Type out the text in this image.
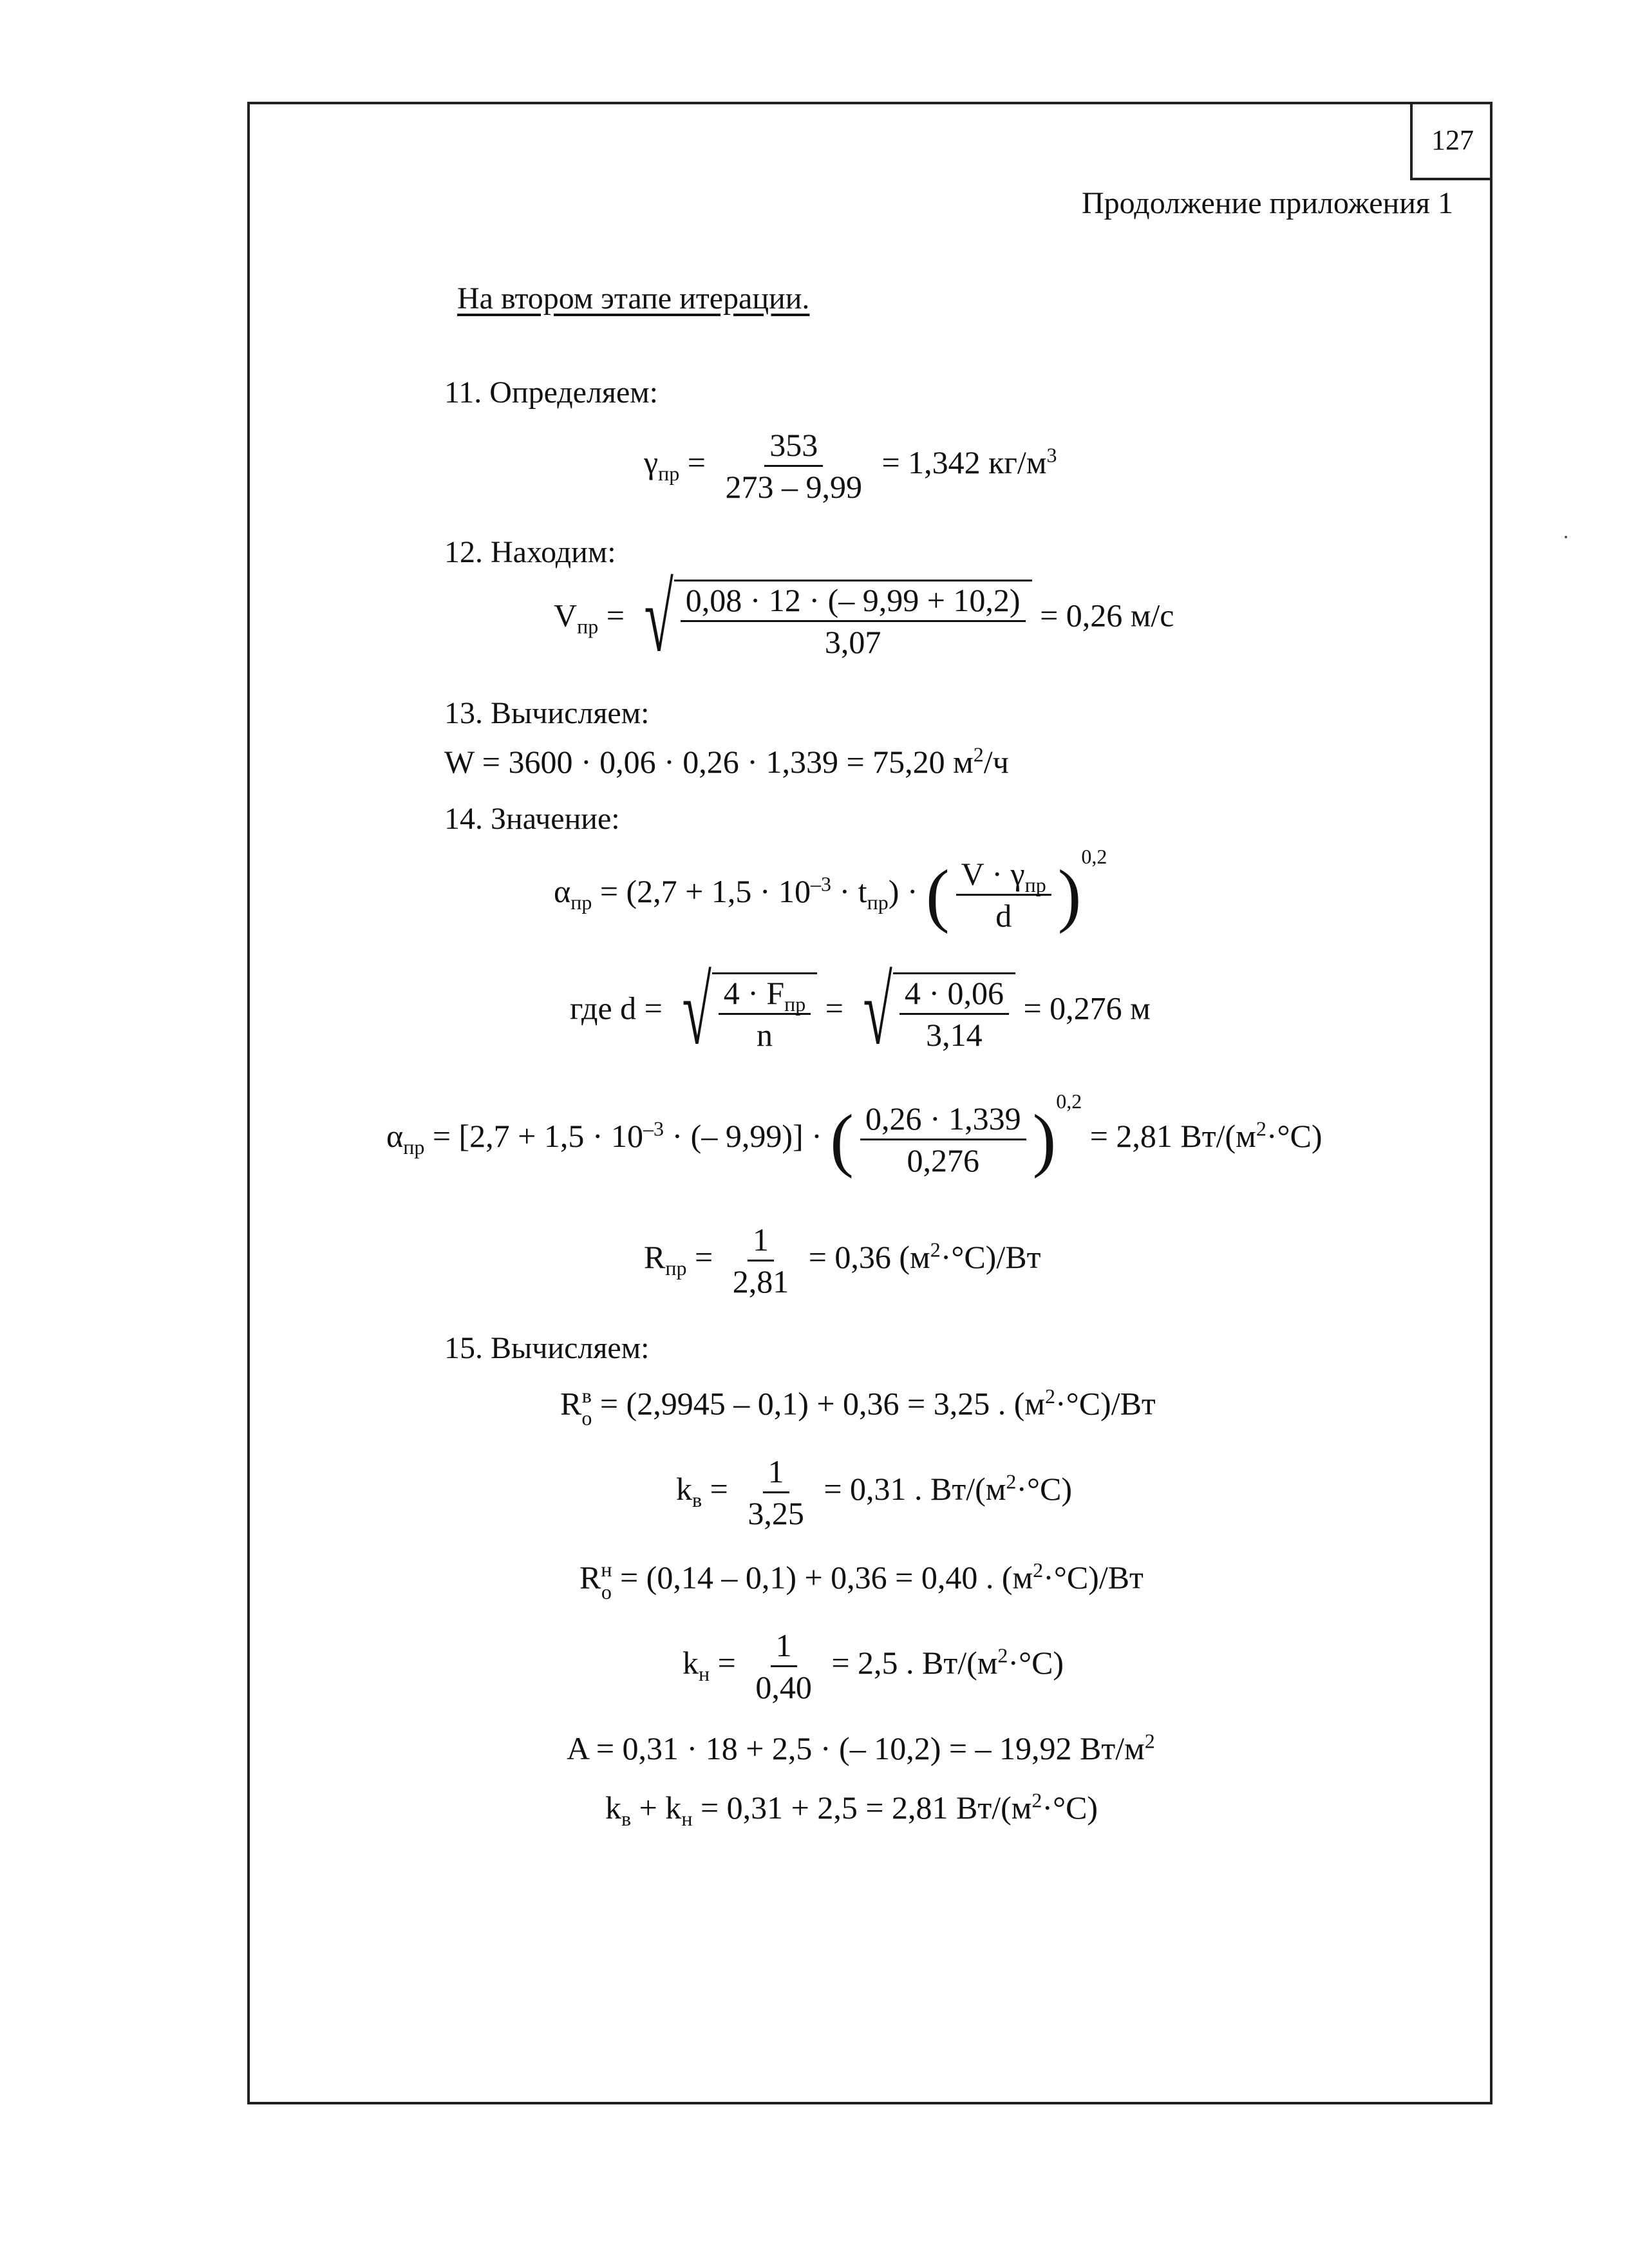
127
Продолжение приложения 1
На втором этапе итерации.
11. Определяем:
$\gamma_{пр} = \frac{353}{273 - 9,99} = 1,342$ $кг/м^3$
12. Находим:
$V_{пр}$ = √ $\frac{0,08 \cdot 12 \cdot (- 9,99 + 10,2)}{3,07} = 0,26$ м/с
13. Вычисляем:
W = 3600 · 0,06 · 0,26 · 1,339 = 75,20 $м^2/ч$
14. Значение:
$\alpha_{пр} = (2,7 + 1,5 \cdot 10^{-3} \cdot t_{пр})$ · ( $\frac{V \cdot \gamma_{пр}}{d} )^{0,2}$
где d = √ $\frac{4 \cdot F_{пр}}{n}$ = √ $\frac{4 \cdot 0,06}{3,14} = 0,276$ м
$\alpha_{пр} = [2,7 + 1,5 \cdot 10^{-3}$ · (– 9,99)] · ( $\frac{0,26 \cdot 1,339}{0,276} )^{0,2} = 2,81$ $Вт/(м^2\cdot^\circ С)$
$R_{пр} = \frac{1}{2,81} = 0,36$ $(м^2\cdot^\circ С)/Вт$
15. Вычисляем:
R в
о = (2,9945 – 0,1) + 0,36 = 3,25 . $(м^2\cdot^\circ С)/Вт$
$k_в = \frac{1}{3,25} = 0,31$ . $Вт/(м^2\cdot^\circ С)$
R н
о = (0,14 – 0,1) + 0,36 = 0,40 . $(м^2\cdot^\circ С)/Вт$
$k_н = \frac{1}{0,40} = 2,5$ . $Вт/(м^2\cdot^\circ С)$
A = 0,31 · 18 + 2,5 · (– 10,2) = – 19,92 $Вт/м^2$
$k_в + k_н = 0,31 + 2,5 = 2,81$ $Вт/(м^2\cdot^\circ С)$
